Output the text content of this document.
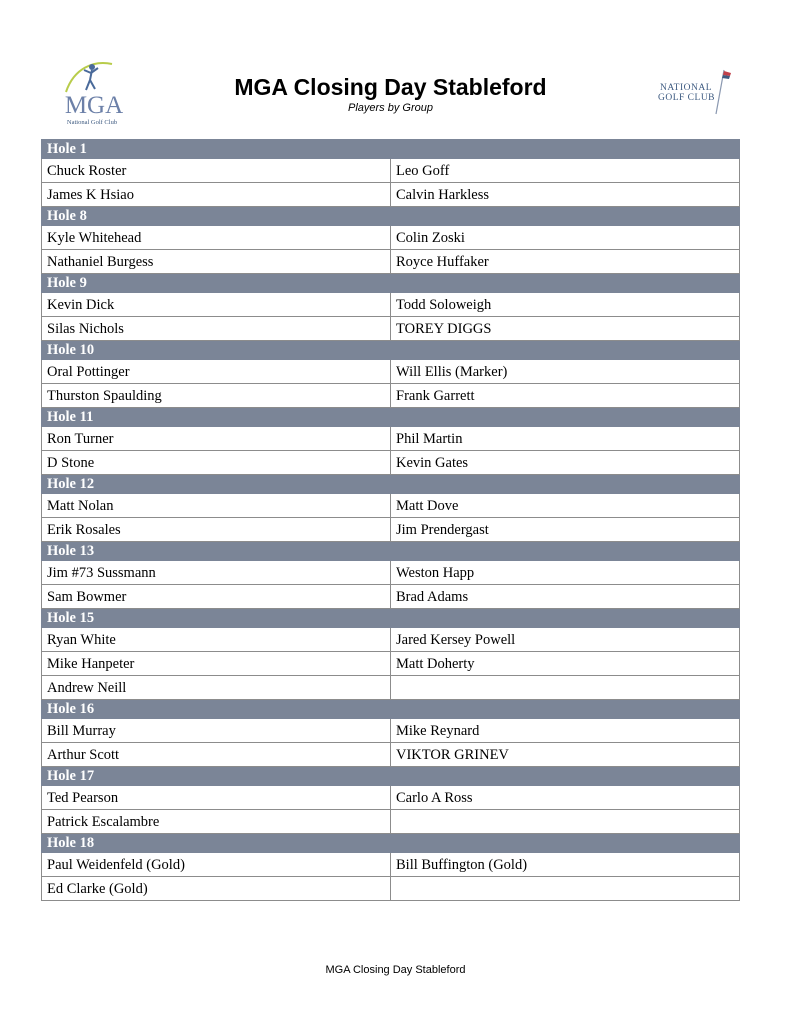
MGA
National Golf Club
NATIONAL
GOLF CLUB
MGA Closing Day Stableford
Players by Group
Hole 1	
Chuck Roster	Leo Goff
James K Hsiao	Calvin Harkless
Hole 8	
Kyle Whitehead	Colin Zoski
Nathaniel Burgess	Royce Huffaker
Hole 9	
Kevin Dick	Todd Soloweigh
Silas Nichols	TOREY DIGGS
Hole 10	
Oral Pottinger	Will Ellis (Marker)
Thurston Spaulding	Frank Garrett
Hole 11	
Ron Turner	Phil Martin
D Stone	Kevin Gates
Hole 12	
Matt Nolan	Matt Dove
Erik Rosales	Jim Prendergast
Hole 13	
Jim #73 Sussmann	Weston Happ
Sam Bowmer	Brad Adams
Hole 15	
Ryan White	Jared Kersey Powell
Mike Hanpeter	Matt Doherty
Andrew Neill	
Hole 16	
Bill Murray	Mike Reynard
Arthur Scott	VIKTOR GRINEV
Hole 17	
Ted Pearson	Carlo A Ross
Patrick Escalambre	
Hole 18	
Paul Weidenfeld (Gold)	Bill Buffington (Gold)
Ed Clarke (Gold)	
MGA Closing Day Stableford
